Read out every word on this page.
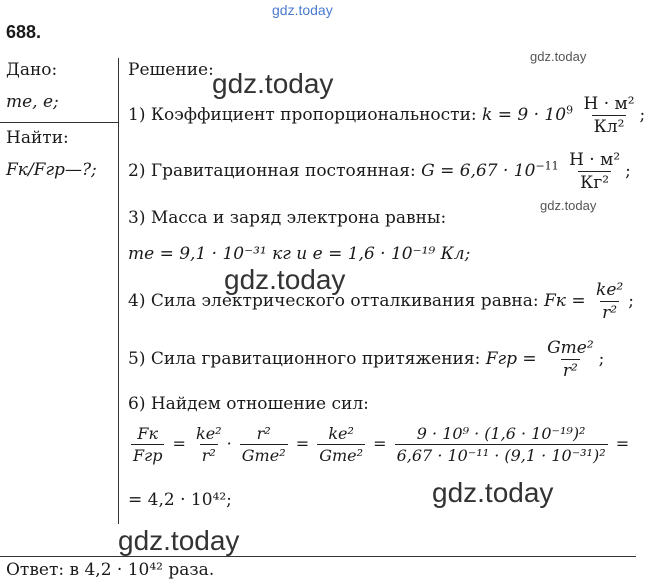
gdz.today
gdz.today
gdz.today
gdz.today
gdz.today
gdz.today
gdz.today
688.
Дано:
me, e;
Найти:
Fк/Fгр—?;
Решение:
1) Коэффициент пропорциональности: $k = 9 \cdot 10^9 \frac{\text{Н · м²}}{\text{Кл²}}$ ;
2) Гравитационная постоянная: $G = 6,67 \cdot 10^{-11} \frac{\text{Н · м²}}{\text{Кг²}}$ ;
3) Масса и заряд электрона равны:
me = 9,1 · 10⁻³¹ кг и e = 1,6 · 10⁻¹⁹ Кл;
4) Сила электрического отталкивания равна: Fк = $\frac{\text{ke²}}{\text{r²}}$ ;
5) Сила гравитационного притяжения: Fгр = $\frac{\text{Gme²}}{\text{r²}}$ ;
6) Найдем отношение сил:
$\frac{Fк}{\text{Fгр}} = \frac{\text{ke²}}{\text{r²}} \cdot \frac{\text{r²}}{\text{Gme²}} = \frac{\text{ke²}}{\text{Gme²}} = \frac{\text{9 · 10⁹ · (1,6 · 10⁻¹⁹)²}}{\text{6,67 · 10⁻¹¹ · (9,1 · 10⁻³¹)²}}$ =
= 4,2 · 10⁴²;
Ответ: в 4,2 · 10⁴² раза.
